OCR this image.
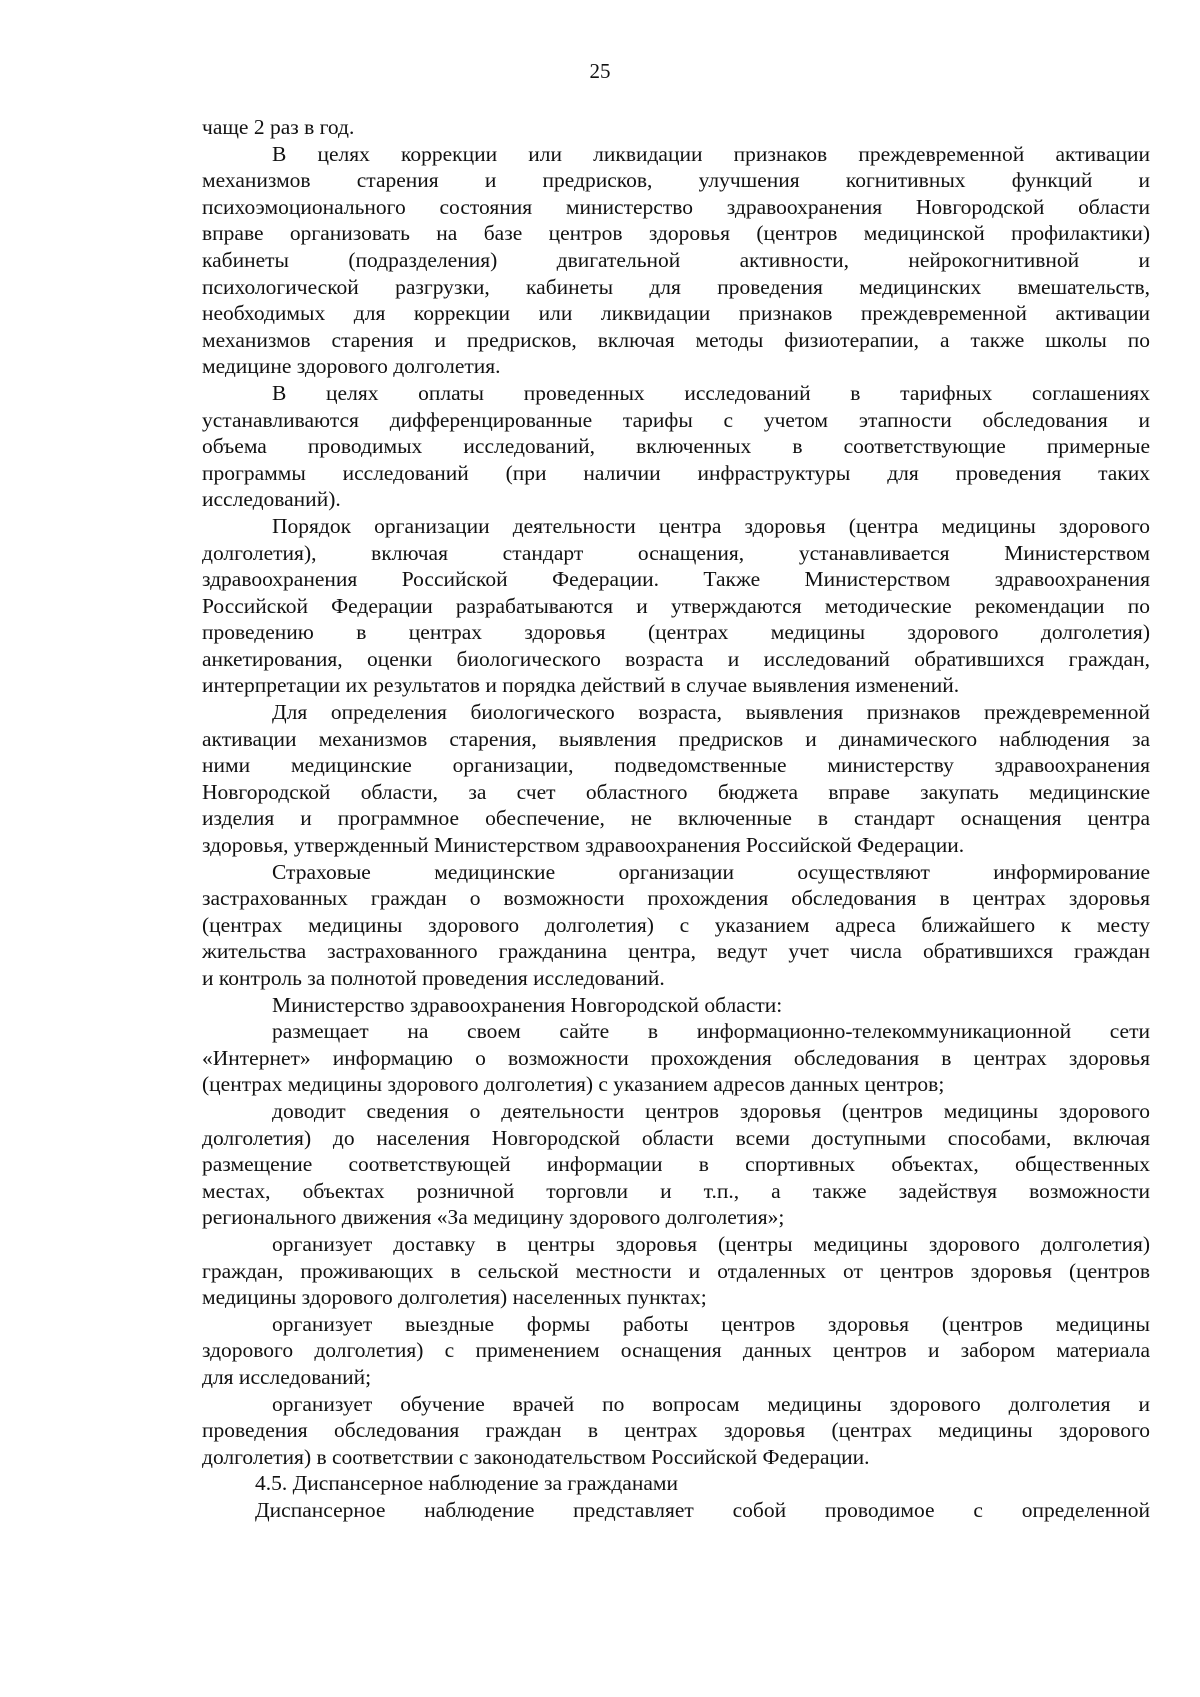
25
чаще 2 раз в год.
В целях коррекции или ликвидации признаков преждевременной активации
механизмов старения и предрисков, улучшения когнитивных функций и
психоэмоционального состояния министерство здравоохранения Новгородской области
вправе организовать на базе центров здоровья (центров медицинской профилактики)
кабинеты (подразделения) двигательной активности, нейрокогнитивной и
психологической разгрузки, кабинеты для проведения медицинских вмешательств,
необходимых для коррекции или ликвидации признаков преждевременной активации
механизмов старения и предрисков, включая методы физиотерапии, а также школы по
медицине здорового долголетия.
В целях оплаты проведенных исследований в тарифных соглашениях
устанавливаются дифференцированные тарифы с учетом этапности обследования и
объема проводимых исследований, включенных в соответствующие примерные
программы исследований (при наличии инфраструктуры для проведения таких
исследований).
Порядок организации деятельности центра здоровья (центра медицины здорового
долголетия), включая стандарт оснащения, устанавливается Министерством
здравоохранения Российской Федерации. Также Министерством здравоохранения
Российской Федерации разрабатываются и утверждаются методические рекомендации по
проведению в центрах здоровья (центрах медицины здорового долголетия)
анкетирования, оценки биологического возраста и исследований обратившихся граждан,
интерпретации их результатов и порядка действий в случае выявления изменений.
Для определения биологического возраста, выявления признаков преждевременной
активации механизмов старения, выявления предрисков и динамического наблюдения за
ними медицинские организации, подведомственные министерству здравоохранения
Новгородской области, за счет областного бюджета вправе закупать медицинские
изделия и программное обеспечение, не включенные в стандарт оснащения центра
здоровья, утвержденный Министерством здравоохранения Российской Федерации.
Страховые медицинские организации осуществляют информирование
застрахованных граждан о возможности прохождения обследования в центрах здоровья
(центрах медицины здорового долголетия) с указанием адреса ближайшего к месту
жительства застрахованного гражданина центра, ведут учет числа обратившихся граждан
и контроль за полнотой проведения исследований.
Министерство здравоохранения Новгородской области:
размещает на своем сайте в информационно-телекоммуникационной сети
«Интернет» информацию о возможности прохождения обследования в центрах здоровья
(центрах медицины здорового долголетия) с указанием адресов данных центров;
доводит сведения о деятельности центров здоровья (центров медицины здорового
долголетия) до населения Новгородской области всеми доступными способами, включая
размещение соответствующей информации в спортивных объектах, общественных
местах, объектах розничной торговли и т.п., а также задействуя возможности
регионального движения «За медицину здорового долголетия»;
организует доставку в центры здоровья (центры медицины здорового долголетия)
граждан, проживающих в сельской местности и отдаленных от центров здоровья (центров
медицины здорового долголетия) населенных пунктах;
организует выездные формы работы центров здоровья (центров медицины
здорового долголетия) с применением оснащения данных центров и забором материала
для исследований;
организует обучение врачей по вопросам медицины здорового долголетия и
проведения обследования граждан в центрах здоровья (центрах медицины здорового
долголетия) в соответствии с законодательством Российской Федерации.
4.5. Диспансерное наблюдение за гражданами
Диспансерное наблюдение представляет собой проводимое с определенной
